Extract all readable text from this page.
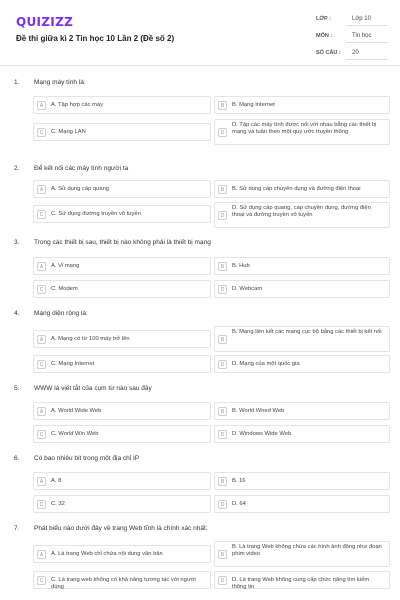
QUIZIZZ
Đề thi giữa kì 2 Tin học 10 Lần 2 (Đề số 2)
LỚP :	Lớp 10
MÔN :	Tin học
SỐ CÂU :	20
1. Mạng máy tính là:
A	A. Tập hợp các máy	B	B. Mạng Internet
C	C. Mạng LAN	D
D. Tập các máy tính được nối với nhau bằng các thiết bị mạng và tuân theo một quy ước truyền thông
2. Để kết nối các máy tính người ta
A	A. Sử dụng cáp quang	B	B. Sử dụng cáp chuyên dụng và đường điện thoại
C	C. Sử dụng đường truyền vô tuyến	D
D. Sử dụng cáp quang, cáp chuyên dụng, đường điện thoại và đường truyền vô tuyến
3. Trong các thiết bị sau, thiết bị nào không phải là thiết bị mạng
A	A. Vỉ mạng	B	B. Hub
C	C. Modem	D	D. Webcam
4. Mạng diện rộng là:
A	A. Mạng có từ 100 máy trở lên	B
B. Mạng liên kết các mạng cục bộ bằng các thiết bị kết nối
C	C. Mạng Internet	D	D. Mạng của một quốc gia
5. WWW là viết tắt của cụm từ nào sau đây
A	A. World Wide Web	B	B. World Wired Web
C	C. World Win Web	D	D. Windows Wide Web
6. Có bao nhiêu bit trong một địa chỉ IP
A	A. 8	B	B. 16
C	C. 32	D	D. 64
7. Phát biểu nào dưới đây về trang Web tĩnh là chính xác nhất:
A	A. Là trang Web chỉ chứa nội dung văn bản	B
B. Là trang Web không chứa các hình ảnh động như đoạn phim video
C	C. Là trang web không có khả năng tương tác với người dùng
D	D. Là trang Web không cung cấp chức năng tìm kiếm thông tin
